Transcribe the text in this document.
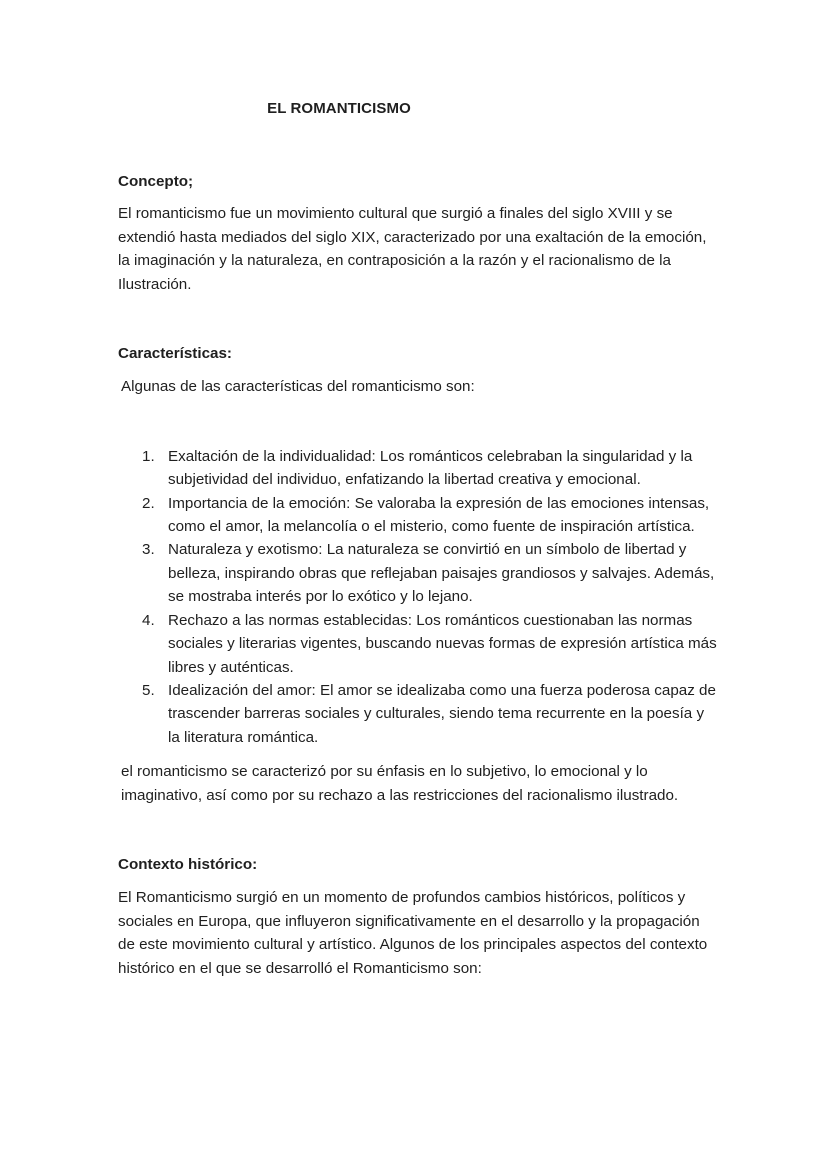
EL ROMANTICISMO

Concepto;

El romanticismo fue un movimiento cultural que surgió a finales del siglo XVIII y se extendió hasta mediados del siglo XIX, caracterizado por una exaltación de la emoción, la imaginación y la naturaleza, en contraposición a la razón y el racionalismo de la Ilustración.

Características:

Algunas de las características del romanticismo son:

Exaltación de la individualidad: Los románticos celebraban la singularidad y la subjetividad del individuo, enfatizando la libertad creativa y emocional.
Importancia de la emoción: Se valoraba la expresión de las emociones intensas, como el amor, la melancolía o el misterio, como fuente de inspiración artística.
Naturaleza y exotismo: La naturaleza se convirtió en un símbolo de libertad y belleza, inspirando obras que reflejaban paisajes grandiosos y salvajes. Además, se mostraba interés por lo exótico y lo lejano.
Rechazo a las normas establecidas: Los románticos cuestionaban las normas sociales y literarias vigentes, buscando nuevas formas de expresión artística más libres y auténticas.
Idealización del amor: El amor se idealizaba como una fuerza poderosa capaz de trascender barreras sociales y culturales, siendo tema recurrente en la poesía y la literatura romántica.

el romanticismo se caracterizó por su énfasis en lo subjetivo, lo emocional y lo imaginativo, así como por su rechazo a las restricciones del racionalismo ilustrado.

Contexto histórico:

El Romanticismo surgió en un momento de profundos cambios históricos, políticos y sociales en Europa, que influyeron significativamente en el desarrollo y la propagación de este movimiento cultural y artístico. Algunos de los principales aspectos del contexto histórico en el que se desarrolló el Romanticismo son:
